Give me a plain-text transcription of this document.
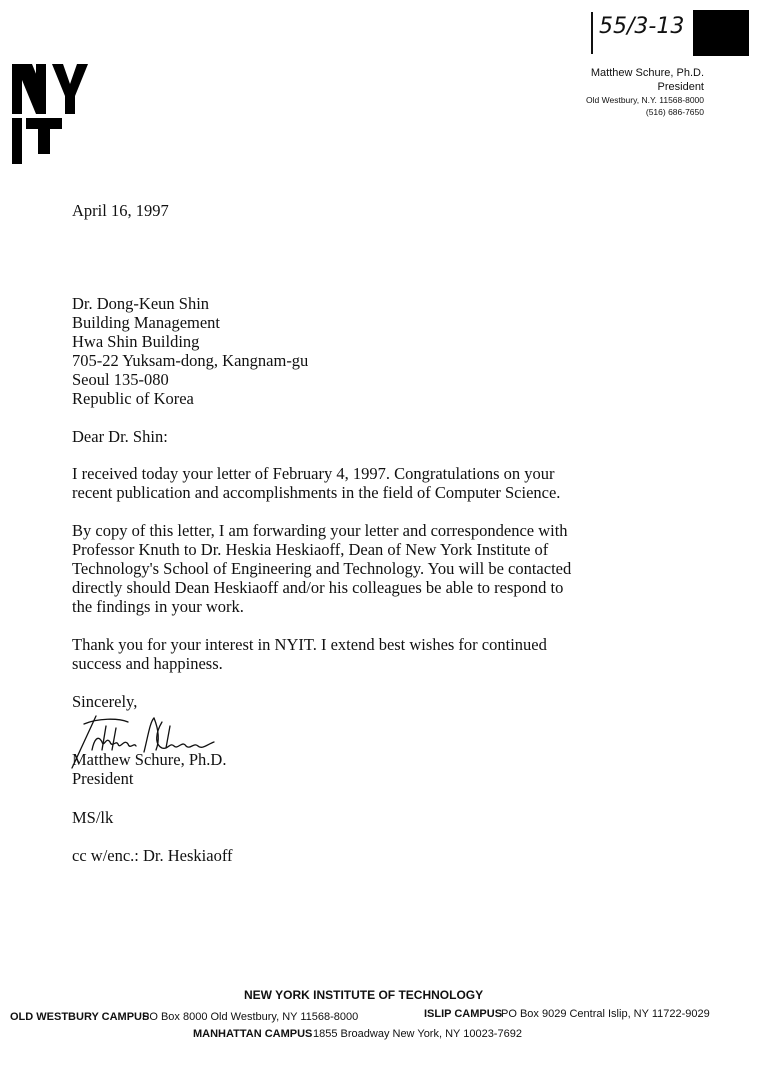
55/3-13
Matthew Schure, Ph.D.
President
Old Westbury, N.Y. 11568-8000
(516) 686-7650
April 16, 1997
Dr. Dong-Keun Shin
Building Management
Hwa Shin Building
705-22 Yuksam-dong, Kangnam-gu
Seoul 135-080
Republic of Korea
Dear Dr. Shin:
I received today your letter of February 4, 1997. Congratulations on your
recent publication and accomplishments in the field of Computer Science.
By copy of this letter, I am forwarding your letter and correspondence with
Professor Knuth to Dr. Heskia Heskiaoff, Dean of New York Institute of
Technology's School of Engineering and Technology. You will be contacted
directly should Dean Heskiaoff and/or his colleagues be able to respond to
the findings in your work.
Thank you for your interest in NYIT. I extend best wishes for continued
success and happiness.
Sincerely,
Matthew Schure, Ph.D.
President
MS/lk
cc w/enc.: Dr. Heskiaoff
NEW YORK INSTITUTE OF TECHNOLOGY
OLD WESTBURY CAMPUS
PO Box 8000 Old Westbury, NY 11568-8000	ISLIP CAMPUS
PO Box 9029 Central Islip, NY 11722-9029
MANHATTAN CAMPUS 1855 Broadway New York, NY 10023-7692
